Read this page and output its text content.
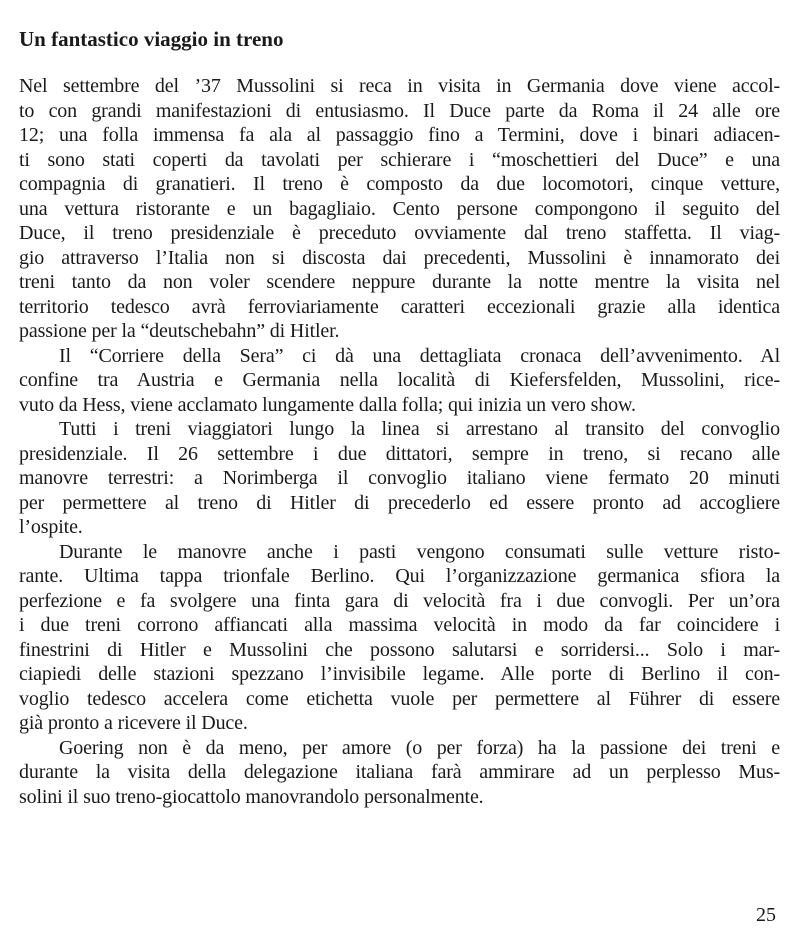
Un fantastico viaggio in treno

Nel settembre del ’37 Mussolini si reca in visita in Germania dove viene accol-
to con grandi manifestazioni di entusiasmo. Il Duce parte da Roma il 24 alle ore
12; una folla immensa fa ala al passaggio fino a Termini, dove i binari adiacen-
ti sono stati coperti da tavolati per schierare i “moschettieri del Duce” e una
compagnia di granatieri. Il treno è composto da due locomotori, cinque vetture,
una vettura ristorante e un bagagliaio. Cento persone compongono il seguito del
Duce, il treno presidenziale è preceduto ovviamente dal treno staffetta. Il viag-
gio attraverso l’Italia non si discosta dai precedenti, Mussolini è innamorato dei
treni tanto da non voler scendere neppure durante la notte mentre la visita nel
territorio tedesco avrà ferroviariamente caratteri eccezionali grazie alla identica
passione per la “deutschebahn” di Hitler.

Il “Corriere della Sera” ci dà una dettagliata cronaca dell’avvenimento. Al
confine tra Austria e Germania nella località di Kiefersfelden, Mussolini, rice-
vuto da Hess, viene acclamato lungamente dalla folla; qui inizia un vero show.

Tutti i treni viaggiatori lungo la linea si arrestano al transito del convoglio
presidenziale. Il 26 settembre i due dittatori, sempre in treno, si recano alle
manovre terrestri: a Norimberga il convoglio italiano viene fermato 20 minuti
per permettere al treno di Hitler di precederlo ed essere pronto ad accogliere
l’ospite.

Durante le manovre anche i pasti vengono consumati sulle vetture risto-
rante. Ultima tappa trionfale Berlino. Qui l’organizzazione germanica sfiora la
perfezione e fa svolgere una finta gara di velocità fra i due convogli. Per un’ora
i due treni corrono affiancati alla massima velocità in modo da far coincidere i
finestrini di Hitler e Mussolini che possono salutarsi e sorridersi... Solo i mar-
ciapiedi delle stazioni spezzano l’invisibile legame. Alle porte di Berlino il con-
voglio tedesco accelera come etichetta vuole per permettere al Führer di essere
già pronto a ricevere il Duce.

Goering non è da meno, per amore (o per forza) ha la passione dei treni e
durante la visita della delegazione italiana farà ammirare ad un perplesso Mus-
solini il suo treno-giocattolo manovrandolo personalmente.

25
